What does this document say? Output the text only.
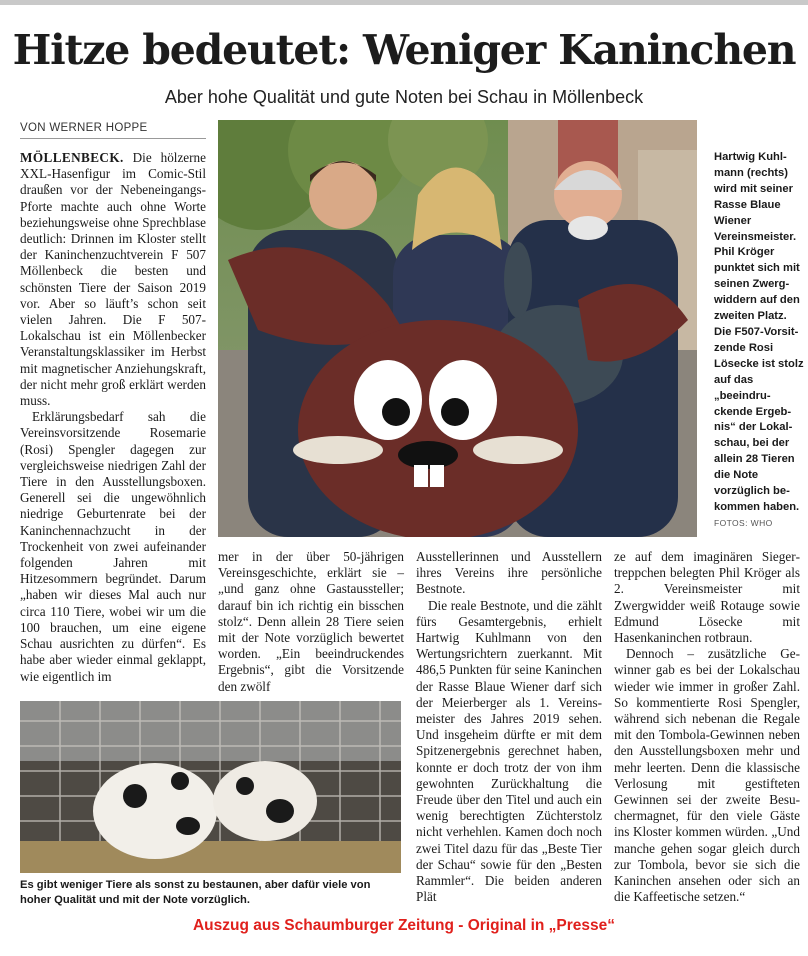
Hitze bedeutet: Weniger Kaninchen
Aber hohe Qualität und gute Noten bei Schau in Möllenbeck
VON WERNER HOPPE

MÖLLENBECK. Die hölzerne XXL-Hasenfigur im Comic-Stil draußen vor der Nebeneingangs-Pforte machte auch ohne Worte beziehungsweise ohne Sprechblase deutlich: Drinnen im Kloster stellt der Kaninchenzuchtverein F 507 Möllenbeck die besten und schönsten Tiere der Saison 2019 vor. Aber so läuft’s schon seit vielen Jahren. Die F 507-Lokalschau ist ein Möllenbecker Veranstaltungsklassiker im Herbst mit magnetischer Anziehungskraft, der nicht mehr groß erklärt werden muss.

Erklärungsbedarf sah die Vereinsvorsitzende Rosemarie (Rosi) Spengler dagegen zur vergleichsweise niedrigen Zahl der Tiere in den Ausstellungsboxen. Generell sei die ungewöhnlich niedrige Geburtenrate bei der Kaninchennachzucht in der Trockenheit von zwei aufeinander folgenden Jahren mit Hitzesommern begründet. Darum „haben wir dieses Mal auch nur circa 110 Tiere, wobei wir um die 100 brauchen, um eine eigene Schau ausrichten zu dürfen“. Es habe aber wieder einmal geklappt, wie eigentlich im

Hartwig Kuhlmann (rechts) wird mit seiner Rasse Blaue Wiener Vereinsmeister. Phil Kröger punktet sich mit seinen Zwergwiddern auf den zweiten Platz. Die F507-Vorsitzende Rosi Lösecke ist stolz auf das „beeindruckende Ergebnis“ der Lokalschau, bei der allein 28 Tieren die Note vorzüglich bekommen haben. FOTOS: WHO

mer in der über 50-jährigen Vereinsgeschichte, erklärt sie – „und ganz ohne Gastaussteller; darauf bin ich richtig ein bisschen stolz“. Denn allein 28 Tiere seien mit der Note vorzüglich bewertet worden. „Ein beeindruckendes Ergebnis“, gibt die Vorsitzende den zwölf

Ausstellerinnen und Ausstellern ihres Vereins ihre persönliche Bestnote.

Die reale Bestnote, und die zählt fürs Gesamtergebnis, erhielt Hartwig Kuhlmann von den Wertungsrichtern zuerkannt. Mit 486,5 Punkten für seine Kaninchen der Rasse Blaue Wiener darf sich der Meierberger als 1. Vereinsmeister des Jahres 2019 sehen. Und insgeheim dürfte er mit dem Spitzenergebnis gerechnet haben, konnte er doch trotz der von ihm gewohnten Zurückhaltung die Freude über den Titel und auch ein wenig berechtigten Züchterstolz nicht verhehlen. Kamen doch noch zwei Titel dazu für das „Beste Tier der Schau“ sowie für den „Besten Rammler“. Die beiden anderen Plät

ze auf dem imaginären Siegertreppchen belegten Phil Kröger als 2. Vereinsmeister mit Zwergwidder weiß Rotauge sowie Edmund Lösecke mit Hasenkaninchen rotbraun.

Dennoch – zusätzliche Gewinner gab es bei der Lokalschau wieder wie immer in großer Zahl. So kommentierte Rosi Spengler, während sich nebenan die Regale mit den Tombola-Gewinnen neben den Ausstellungsboxen mehr und mehr leerten. Denn die klassische Verlosung mit gestifteten Gewinnen sei der zweite Besuchermagnet, für den viele Gäste ins Kloster kommen würden. „Und manche gehen sogar gleich durch zur Tombola, bevor sie sich die Kaninchen ansehen oder sich an die Kaffeetische setzen.“

Es gibt weniger Tiere als sonst zu bestaunen, aber dafür viele von hoher Qualität und mit der Note vorzüglich.
Auszug aus Schaumburger Zeitung - Original in „Presse“
